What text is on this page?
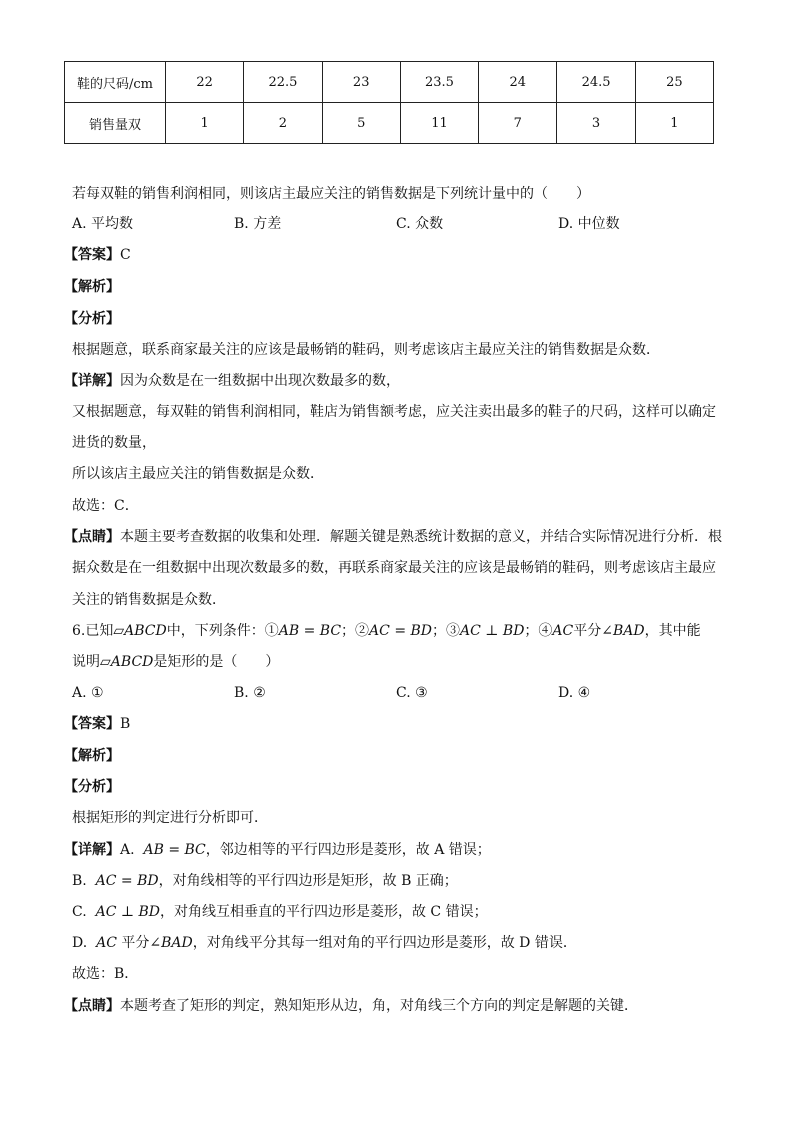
鞋的尺码/cm	22	22.5	23	23.5	24	24.5	25
销售量双	1	2	5	11	7	3	1
若每双鞋的销售利润相同，则该店主最应关注的销售数据是下列统计量中的（　　）
A. 平均数	B. 方差	C. 众数	D. 中位数
【答案】C
【解析】
【分析】
根据题意，联系商家最关注的应该是最畅销的鞋码，则考虑该店主最应关注的销售数据是众数．
【详解】因为众数是在一组数据中出现次数最多的数，
又根据题意，每双鞋的销售利润相同，鞋店为销售额考虑，应关注卖出最多的鞋子的尺码，这样可以确定
进货的数量，
所以该店主最应关注的销售数据是众数．
故选：C．
【点睛】本题主要考查数据的收集和处理．解题关键是熟悉统计数据的意义，并结合实际情况进行分析．根
据众数是在一组数据中出现次数最多的数，再联系商家最关注的应该是最畅销的鞋码，则考虑该店主最应
关注的销售数据是众数．
6.已知▱ABCD中，下列条件：①AB = BC；②AC = BD；③AC ⊥ BD；④AC平分∠BAD，其中能
说明▱ABCD是矩形的是（　　）
A. ①	B. ②	C. ③	D. ④
【答案】B
【解析】
【分析】
根据矩形的判定进行分析即可．
【详解】A. AB = BC，邻边相等的平行四边形是菱形，故 A 错误；
B. AC = BD，对角线相等的平行四边形是矩形，故 B 正确；
C. AC ⊥ BD，对角线互相垂直的平行四边形是菱形，故 C 错误；
D. AC 平分∠BAD，对角线平分其每一组对角的平行四边形是菱形，故 D 错误．
故选：B．
【点睛】本题考查了矩形的判定，熟知矩形从边，角，对角线三个方向的判定是解题的关键．
